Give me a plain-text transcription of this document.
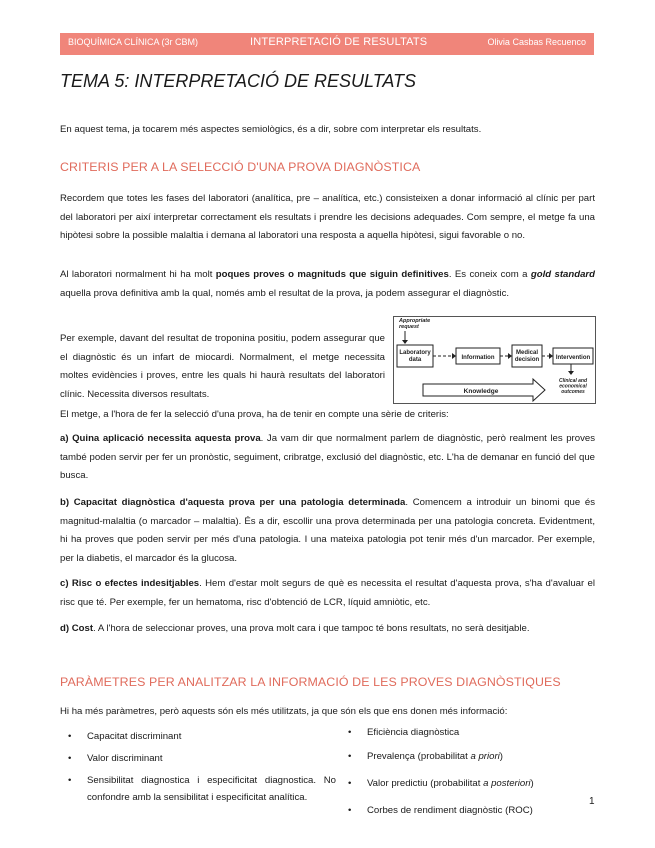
BIOQUÍMICA CLÍNICA (3r CBM)	INTERPRETACIÓ DE RESULTATS	Olivia Casbas Recuenco
TEMA 5: INTERPRETACIÓ DE RESULTATS

En aquest tema, ja tocarem més aspectes semiològics, és a dir, sobre com interpretar els resultats.

CRITERIS PER A LA SELECCIÓ D'UNA PROVA DIAGNÒSTICA

Recordem que totes les fases del laboratori (analítica, pre – analítica, etc.) consisteixen a donar informació al clínic per part del laboratori per així interpretar correctament els resultats i prendre les decisions adequades. Com sempre, el metge fa una hipòtesi sobre la possible malaltia i demana al laboratori una resposta a aquella hipòtesi, sigui favorable o no.

Al laboratori normalment hi ha molt poques proves o magnituds que siguin definitives. Es coneix com a gold standard aquella prova definitiva amb la qual, només amb el resultat de la prova, ja podem assegurar el diagnòstic.

Per exemple, davant del resultat de troponina positiu, podem assegurar que el diagnòstic és un infart de miocardi. Normalment, el metge necessita moltes evidències i proves, entre les quals hi haurà resultats del laboratori clínic. Necessita diversos resultats.

Appropriate request
Laboratory data	Information
Medical decision	Intervention
Knowledge
Clinical and economical outcomes

El metge, a l'hora de fer la selecció d'una prova, ha de tenir en compte una sèrie de criteris:

a) Quina aplicació necessita aquesta prova. Ja vam dir que normalment parlem de diagnòstic, però realment les proves també poden servir per fer un pronòstic, seguiment, cribratge, exclusió del diagnòstic, etc. L'ha de demanar en funció del que busca.

b) Capacitat diagnòstica d'aquesta prova per una patologia determinada. Comencem a introduir un binomi que és magnitud-malaltia (o marcador – malaltia). És a dir, escollir una prova determinada per una patologia concreta. Evidentment, hi ha proves que poden servir per més d'una patologia. I una mateixa patologia pot tenir més d'un marcador. Per exemple, per la diabetis, el marcador és la glucosa.

c) Risc o efectes indesitjables. Hem d'estar molt segurs de què es necessita el resultat d'aquesta prova, s'ha d'avaluar el risc que té. Per exemple, fer un hematoma, risc d'obtenció de LCR, líquid amniòtic, etc.

d) Cost. A l'hora de seleccionar proves, una prova molt cara i que tampoc té bons resultats, no serà desitjable.

PARÀMETRES PER ANALITZAR LA INFORMACIÓ DE LES PROVES DIAGNÒSTIQUES

Hi ha més paràmetres, però aquests són els més utilitzats, ja que són els que ens donen més informació:

• Capacitat discriminant
• Valor discriminant
• Sensibilitat diagnostica i especificitat diagnostica. No confondre amb la sensibilitat i especificitat analítica.
• Eficiència diagnòstica
• Prevalença (probabilitat a priori)
• Valor predictiu (probabilitat a posteriori)
• Corbes de rendiment diagnòstic (ROC)
1
